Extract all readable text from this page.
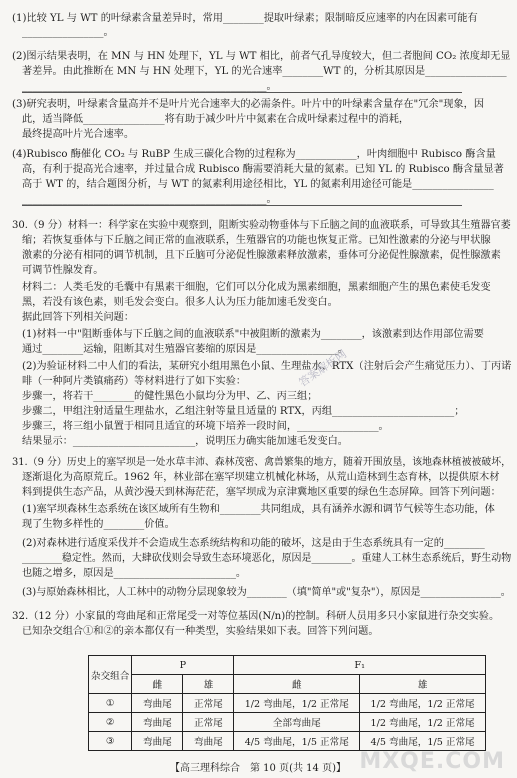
(1)比较 YL 与 WT 的叶绿素含量差异时，常用________提取叶绿素；限制暗反应速率的内在因素可能有
________________。
(2)图示结果表明，在 MN 与 HN 处理下，YL 与 WT 相比，前者气孔导度较大，但二者胞间 CO₂ 浓度却无显
著差异。由此推断在 MN 与 HN 处理下，YL 的光合速率________WT 的，分析其原因是________________
________________________________________________。
(3)研究表明，叶绿素含量高并不是叶片光合速率大的必需条件。叶片中的叶绿素含量存在"冗余"现象，因
此，适当降低________________将有助于减少叶片中氮素在合成叶绿素过程中的消耗，
最终提高叶片光合速率。
(4)Rubisco 酶催化 CO₂ 与 RuBP 生成三碳化合物的过程称为____________，叶肉细胞中 Rubisco 酶含量
高，有利于提高光合速率，并过量合成 Rubisco 酶需要消耗大量的氮素。已知 YL 的 Rubisco 酶含量显著
高于 WT 的，结合题图分析，与 WT 的氮素利用途径相比，YL 的氮素利用途径可能是________________
________________________________________________。
30.（9 分）材料一：科学家在实验中观察到，阻断实验动物垂体与下丘脑之间的血液联系，可导致其生殖器官萎
缩；若恢复垂体与下丘脑之间正常的血液联系，生殖器官的功能也恢复正常。已知性激素的分泌与甲状腺
激素的分泌有相同的调节机制，且下丘脑可分泌促性腺激素释放激素，垂体可分泌促性腺激素，促性腺激素
可调节性腺发育。
材料二：人类毛发的毛囊中有黑素干细胞，它们可以分化成为黑素细胞，黑素细胞产生的黑色素使毛发变
黑，若没有该色素，则毛发会变白。很多人认为压力能加速毛发变白。
据此回答下列相关问题：
(1)材料一中"阻断垂体与下丘脑之间的血液联系"中被阻断的激素为________，该激素到达作用部位需要
通过________运输，阻断其对生殖器官萎缩的原因是________________。
(2)为验证材料二中人们的看法，某研究小组用黑色小鼠、生理盐水、RTX（注射后会产生痛觉压力）、丁丙诺
啡（一种阿片类镇痛药）等材料进行了如下实验：
步骤一，将若干________的健性黑色小鼠均分为甲、乙、丙三组；
步骤二，甲组注射适量生理盐水，乙组注射等量且适量的 RTX，丙组________________________；
步骤三，将三组小鼠置于相同且适宜的环境下培养一段时间，________________。
结果显示：________________________，说明压力确实能加速毛发变白。
31.（9 分）历史上的塞罕坝是一处水草丰沛、森林茂密、禽兽繁集的地方，随着开围放垦，该地森林植被被破坏，
逐渐退化为高原荒丘。1962 年，林业部在塞罕坝建立机械化林场，从荒山造林到生态育林，以提供原木材
料到提供生态产品，从黄沙漫天到林海茫茫，塞罕坝成为京津冀地区重要的绿色生态屏障。回答下列问题：
(1)塞罕坝森林生态系统在该区域所有生物和________共同组成，具有涵养水源和调节气候等生态功能，体
现了生物多样性的________价值。
(2)对森林进行适度采伐并不会造成生态系统结构和功能的破坏，这是由于生态系统具有一定的________
________稳定性。然而，大肆砍伐则会导致生态环境恶化，原因是________。重建人工林生态系统后，野生动物
也随之增多，原因是________________________。
(3)与原始森林相比，人工林中的动物分层现象较为________（填"简单"或"复杂"），原因是________________。
32.（12 分）小家鼠的弯曲尾和正常尾受一对等位基因(N/n)的控制。科研人员用多只小家鼠进行杂交实验。
已知杂交组合①和②的亲本都仅有一种类型，实验结果如下表。回答下列问题。
杂交组合	P		F₁	
	雌	雄	雌	雄
①	弯曲尾	正常尾	1/2 弯曲尾，1/2 正常尾	1/2 弯曲尾，1/2 正常尾
②	弯曲尾	正常尾	全部弯曲尾	1/2 弯曲尾，1/2 正常尾
③	弯曲尾	弯曲尾	4/5 弯曲尾，1/5 正常尾	4/5 弯曲尾，1/5 正常尾
答案解析网
【高三理科综合　第 10 页(共 14 页)】 MXQE.COM
